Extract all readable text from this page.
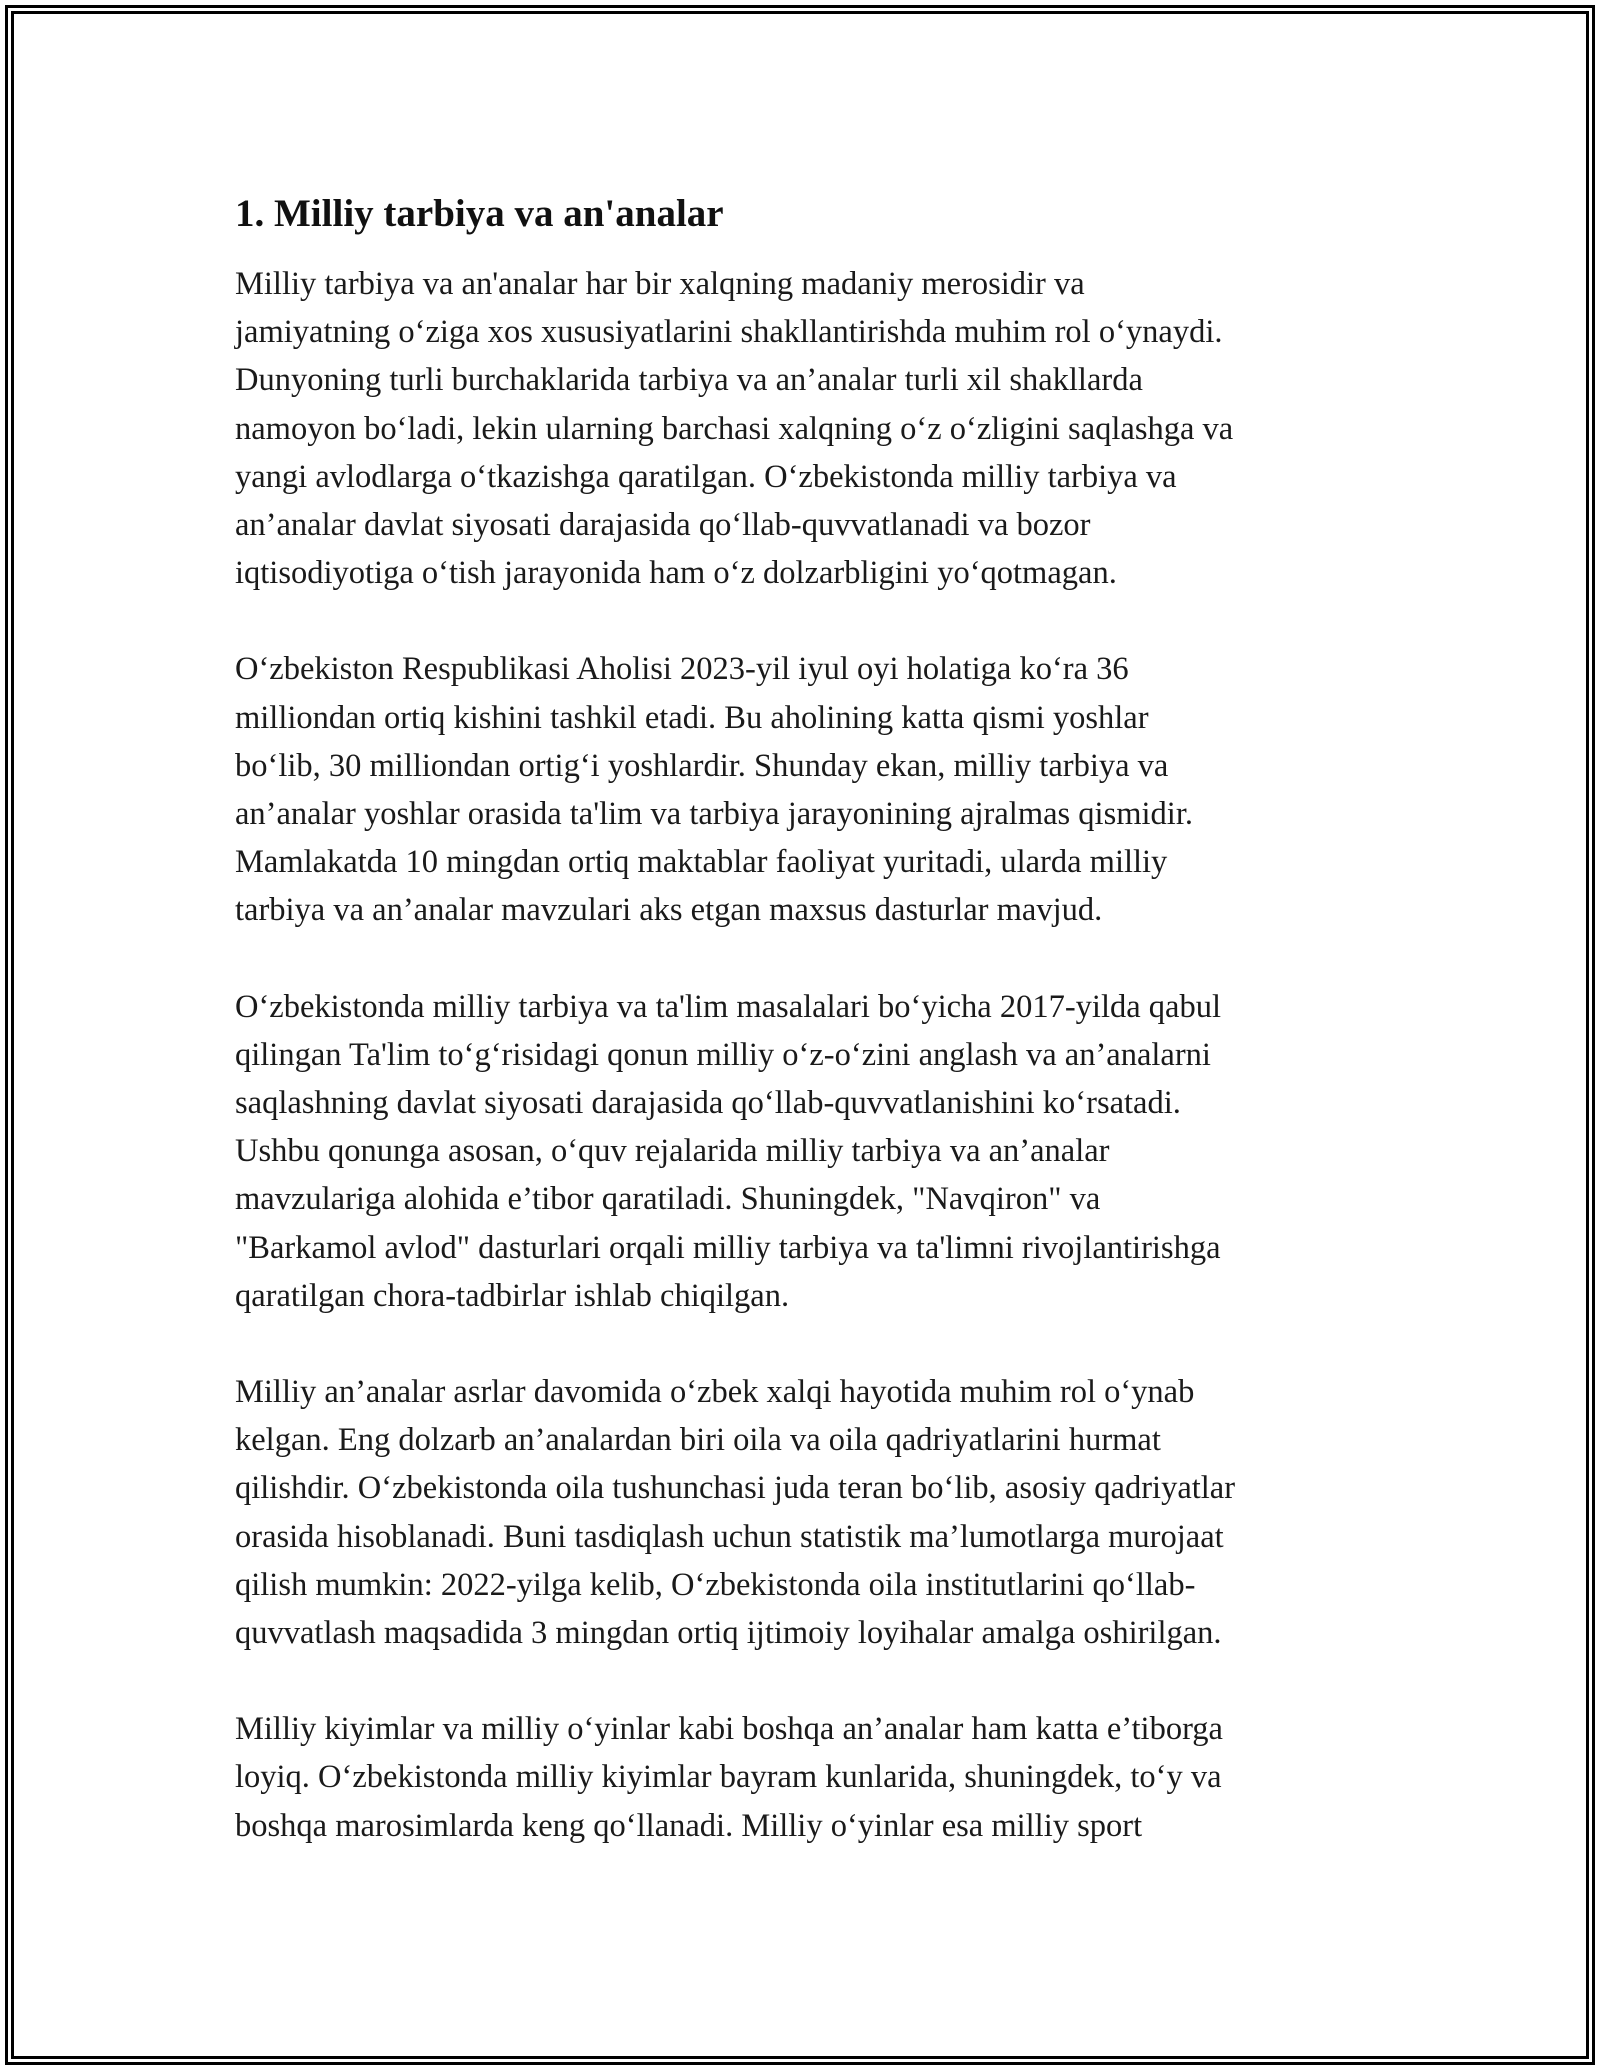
1. Milliy tarbiya va an'analar
Milliy tarbiya va an'analar har bir xalqning madaniy merosidir va
jamiyatning o‘ziga xos xususiyatlarini shakllantirishda muhim rol o‘ynaydi.
Dunyoning turli burchaklarida tarbiya va an’analar turli xil shakllarda
namoyon bo‘ladi, lekin ularning barchasi xalqning o‘z o‘zligini saqlashga va
yangi avlodlarga o‘tkazishga qaratilgan. O‘zbekistonda milliy tarbiya va
an’analar davlat siyosati darajasida qo‘llab-quvvatlanadi va bozor
iqtisodiyotiga o‘tish jarayonida ham o‘z dolzarbligini yo‘qotmagan.
O‘zbekiston Respublikasi Aholisi 2023-yil iyul oyi holatiga ko‘ra 36
milliondan ortiq kishini tashkil etadi. Bu aholining katta qismi yoshlar
bo‘lib, 30 milliondan ortig‘i yoshlardir. Shunday ekan, milliy tarbiya va
an’analar yoshlar orasida ta'lim va tarbiya jarayonining ajralmas qismidir.
Mamlakatda 10 mingdan ortiq maktablar faoliyat yuritadi, ularda milliy
tarbiya va an’analar mavzulari aks etgan maxsus dasturlar mavjud.
O‘zbekistonda milliy tarbiya va ta'lim masalalari bo‘yicha 2017-yilda qabul
qilingan Ta'lim to‘g‘risidagi qonun milliy o‘z-o‘zini anglash va an’analarni
saqlashning davlat siyosati darajasida qo‘llab-quvvatlanishini ko‘rsatadi.
Ushbu qonunga asosan, o‘quv rejalarida milliy tarbiya va an’analar
mavzulariga alohida e’tibor qaratiladi. Shuningdek, "Navqiron" va
"Barkamol avlod" dasturlari orqali milliy tarbiya va ta'limni rivojlantirishga
qaratilgan chora-tadbirlar ishlab chiqilgan.
Milliy an’analar asrlar davomida o‘zbek xalqi hayotida muhim rol o‘ynab
kelgan. Eng dolzarb an’analardan biri oila va oila qadriyatlarini hurmat
qilishdir. O‘zbekistonda oila tushunchasi juda teran bo‘lib, asosiy qadriyatlar
orasida hisoblanadi. Buni tasdiqlash uchun statistik ma’lumotlarga murojaat
qilish mumkin: 2022-yilga kelib, O‘zbekistonda oila institutlarini qo‘llab-
quvvatlash maqsadida 3 mingdan ortiq ijtimoiy loyihalar amalga oshirilgan.
Milliy kiyimlar va milliy o‘yinlar kabi boshqa an’analar ham katta e’tiborga
loyiq. O‘zbekistonda milliy kiyimlar bayram kunlarida, shuningdek, to‘y va
boshqa marosimlarda keng qo‘llanadi. Milliy o‘yinlar esa milliy sport
